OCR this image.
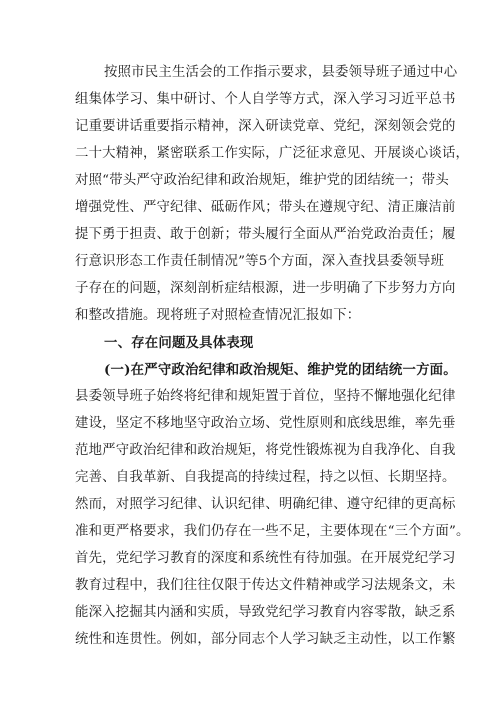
按照市民主生活会的工作指示要求，县委领导班子通过中心
组集体学习、集中研讨、个人自学等方式，深入学习习近平总书
记重要讲话重要指示精神，深入研读党章、党纪，深刻领会党的
二十大精神，紧密联系工作实际，广泛征求意见、开展谈心谈话，
对照“带头严守政治纪律和政治规矩，维护党的团结统一；带头
增强党性、严守纪律、砥砺作风；带头在遵规守纪、清正廉洁前
提下勇于担责、敢于创新；带头履行全面从严治党政治责任；履
行意识形态工作责任制情况”等5个方面，深入查找县委领导班
子存在的问题，深刻剖析症结根源，进一步明确了下步努力方向
和整改措施。现将班子对照检查情况汇报如下：
一、存在问题及具体表现
(一)在严守政治纪律和政治规矩、维护党的团结统一方面。
县委领导班子始终将纪律和规矩置于首位，坚持不懈地强化纪律
建设，坚定不移地坚守政治立场、党性原则和底线思维，率先垂
范地严守政治纪律和政治规矩，将党性锻炼视为自我净化、自我
完善、自我革新、自我提高的持续过程，持之以恒、长期坚持。
然而，对照学习纪律、认识纪律、明确纪律、遵守纪律的更高标
准和更严格要求，我们仍存在一些不足，主要体现在“三个方面”。
首先，党纪学习教育的深度和系统性有待加强。在开展党纪学习
教育过程中，我们往往仅限于传达文件精神或学习法规条文，未
能深入挖掘其内涵和实质，导致党纪学习教育内容零散，缺乏系
统性和连贯性。例如，部分同志个人学习缺乏主动性，以工作繁
